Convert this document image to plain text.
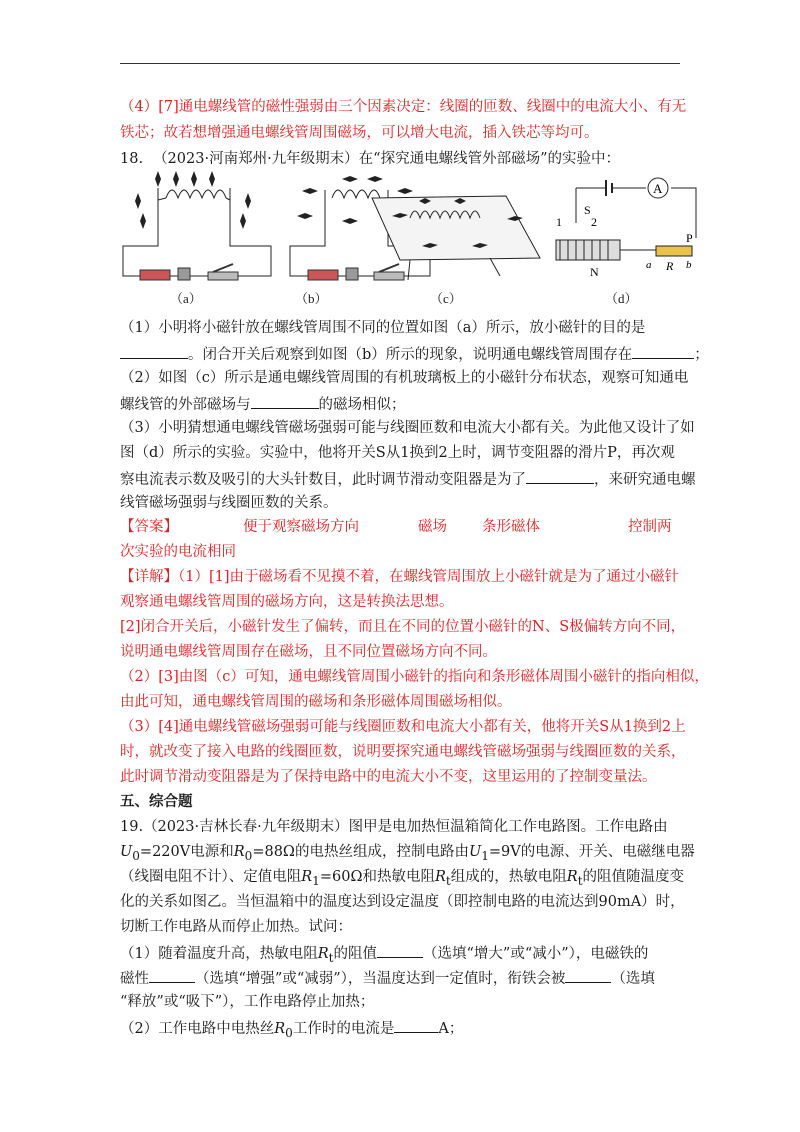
（4）[7]通电螺线管的磁性强弱由三个因素决定：线圈的匝数、线圈中的电流大小、有无
铁芯；故若想增强通电螺线管周围磁场，可以增大电流，插入铁芯等均可。
18. （2023·河南郑州·九年级期末）在“探究通电螺线管外部磁场”的实验中：
A
S
1 2
N
P
a R b
（a）	（b）	（c）	（d）
（1）小明将小磁针放在螺线管周围不同的位置如图（a）所示，放小磁针的目的是
。闭合开关后观察到如图（b）所示的现象，说明通电螺线管周围存在	；
（2）如图（c）所示是通电螺线管周围的有机玻璃板上的小磁针分布状态，观察可知通电
螺线管的外部磁场与	的磁场相似；
（3）小明猜想通电螺线管磁场强弱可能与线圈匝数和电流大小都有关。为此他又设计了如
图（d）所示的实验。实验中，他将开关S从1换到2上时，调节变阻器的滑片P，再次观
察电流表示数及吸引的大头针数目，此时调节滑动变阻器是为了	，来研究通电螺
线管磁场强弱与线圈匝数的关系。
【答案】	便于观察磁场方向	磁场 条形磁体	控制两
次实验的电流相同
【详解】（1）[1]由于磁场看不见摸不着，在螺线管周围放上小磁针就是为了通过小磁针
观察通电螺线管周围的磁场方向，这是转换法思想。
[2]闭合开关后，小磁针发生了偏转，而且在不同的位置小磁针的N、S极偏转方向不同，
说明通电螺线管周围存在磁场，且不同位置磁场方向不同。
（2）[3]由图（c）可知，通电螺线管周围小磁针的指向和条形磁体周围小磁针的指向相似，
由此可知，通电螺线管周围的磁场和条形磁体周围磁场相似。
（3）[4]通电螺线管磁场强弱可能与线圈匝数和电流大小都有关，他将开关S从1换到2上
时，就改变了接入电路的线圈匝数，说明要探究通电螺线管磁场强弱与线圈匝数的关系，
此时调节滑动变阻器是为了保持电路中的电流大小不变，这里运用的了控制变量法。
五、综合题
19.（2023·吉林长春·九年级期末）图甲是电加热恒温箱简化工作电路图。工作电路由
$U_0=220V$电源和$R_0=88\Omega$的电热丝组成，控制电路由$U_1=9V$的电源、开关、电磁继电器
（线圈电阻不计）、定值电阻$R_1=60\Omega$和热敏电阻$R_t$组成的，热敏电阻$R_t$的阻值随温度变
化的关系如图乙。当恒温箱中的温度达到设定温度（即控制电路的电流达到90mA）时，
切断工作电路从而停止加热。试问：
（1）随着温度升高，热敏电阻$R_t$的阻值	（选填“增大”或“减小”），电磁铁的
磁性	（选填“增强”或“减弱”），当温度达到一定值时，衔铁会被	（选填
“释放”或“吸下”），工作电路停止加热；
（2）工作电路中电热丝$R_0$工作时的电流是	A；
